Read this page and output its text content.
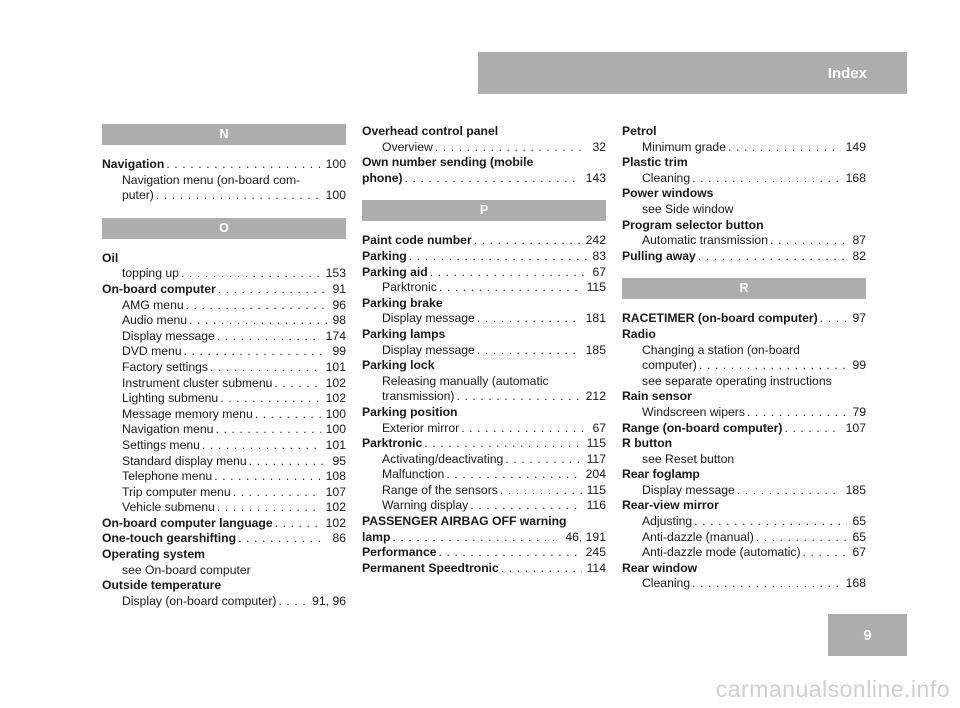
Index
N
Navigation . . .	100
Navigation menu (on-board com-
puter) . . .	100
O
Oil
topping up . . .	153
On-board computer . . .	91
AMG menu . . .	96
Audio menu . . .	98
Display message . . .	174
DVD menu . . .	99
Factory settings . . .	101
Instrument cluster submenu . . .	102
Lighting submenu . . .	102
Message memory menu . . .	100
Navigation menu . . .	100
Settings menu . . .	101
Standard display menu . . .	95
Telephone menu . . .	108
Trip computer menu . . .	107
Vehicle submenu . . .	102
On-board computer language . . .	102
One-touch gearshifting . . .	86
Operating system
see On-board computer
Outside temperature
Display (on-board computer) . . .	91, 96
Overhead control panel
Overview . . .	32
Own number sending (mobile
phone) . . .	143
P
Paint code number . . .	242
Parking . . .	83
Parking aid . . .	67
Parktronic . . .	115
Parking brake
Display message . . .	181
Parking lamps
Display message . . .	185
Parking lock
Releasing manually (automatic
transmission) . . .	212
Parking position
Exterior mirror . . .	67
Parktronic . . .	115
Activating/deactivating . . .	117
Malfunction . . .	204
Range of the sensors . . .	115
Warning display . . .	116
PASSENGER AIRBAG OFF warning
lamp . . .	46, 191
Performance . . .	245
Permanent Speedtronic . . .	114
Petrol
Minimum grade . . .	149
Plastic trim
Cleaning . . .	168
Power windows
see Side window
Program selector button
Automatic transmission . . .	87
Pulling away . . .	82
R
RACETIMER (on-board computer) . . .	97
Radio
Changing a station (on-board
computer) . . .	99
see separate operating instructions
Rain sensor
Windscreen wipers . . .	79
Range (on-board computer) . . .	107
R button
see Reset button
Rear foglamp
Display message . . .	185
Rear-view mirror
Adjusting . . .	65
Anti-dazzle (manual) . . .	65
Anti-dazzle mode (automatic) . . .	67
Rear window
Cleaning . . .	168
9
carmanualsonline.info
